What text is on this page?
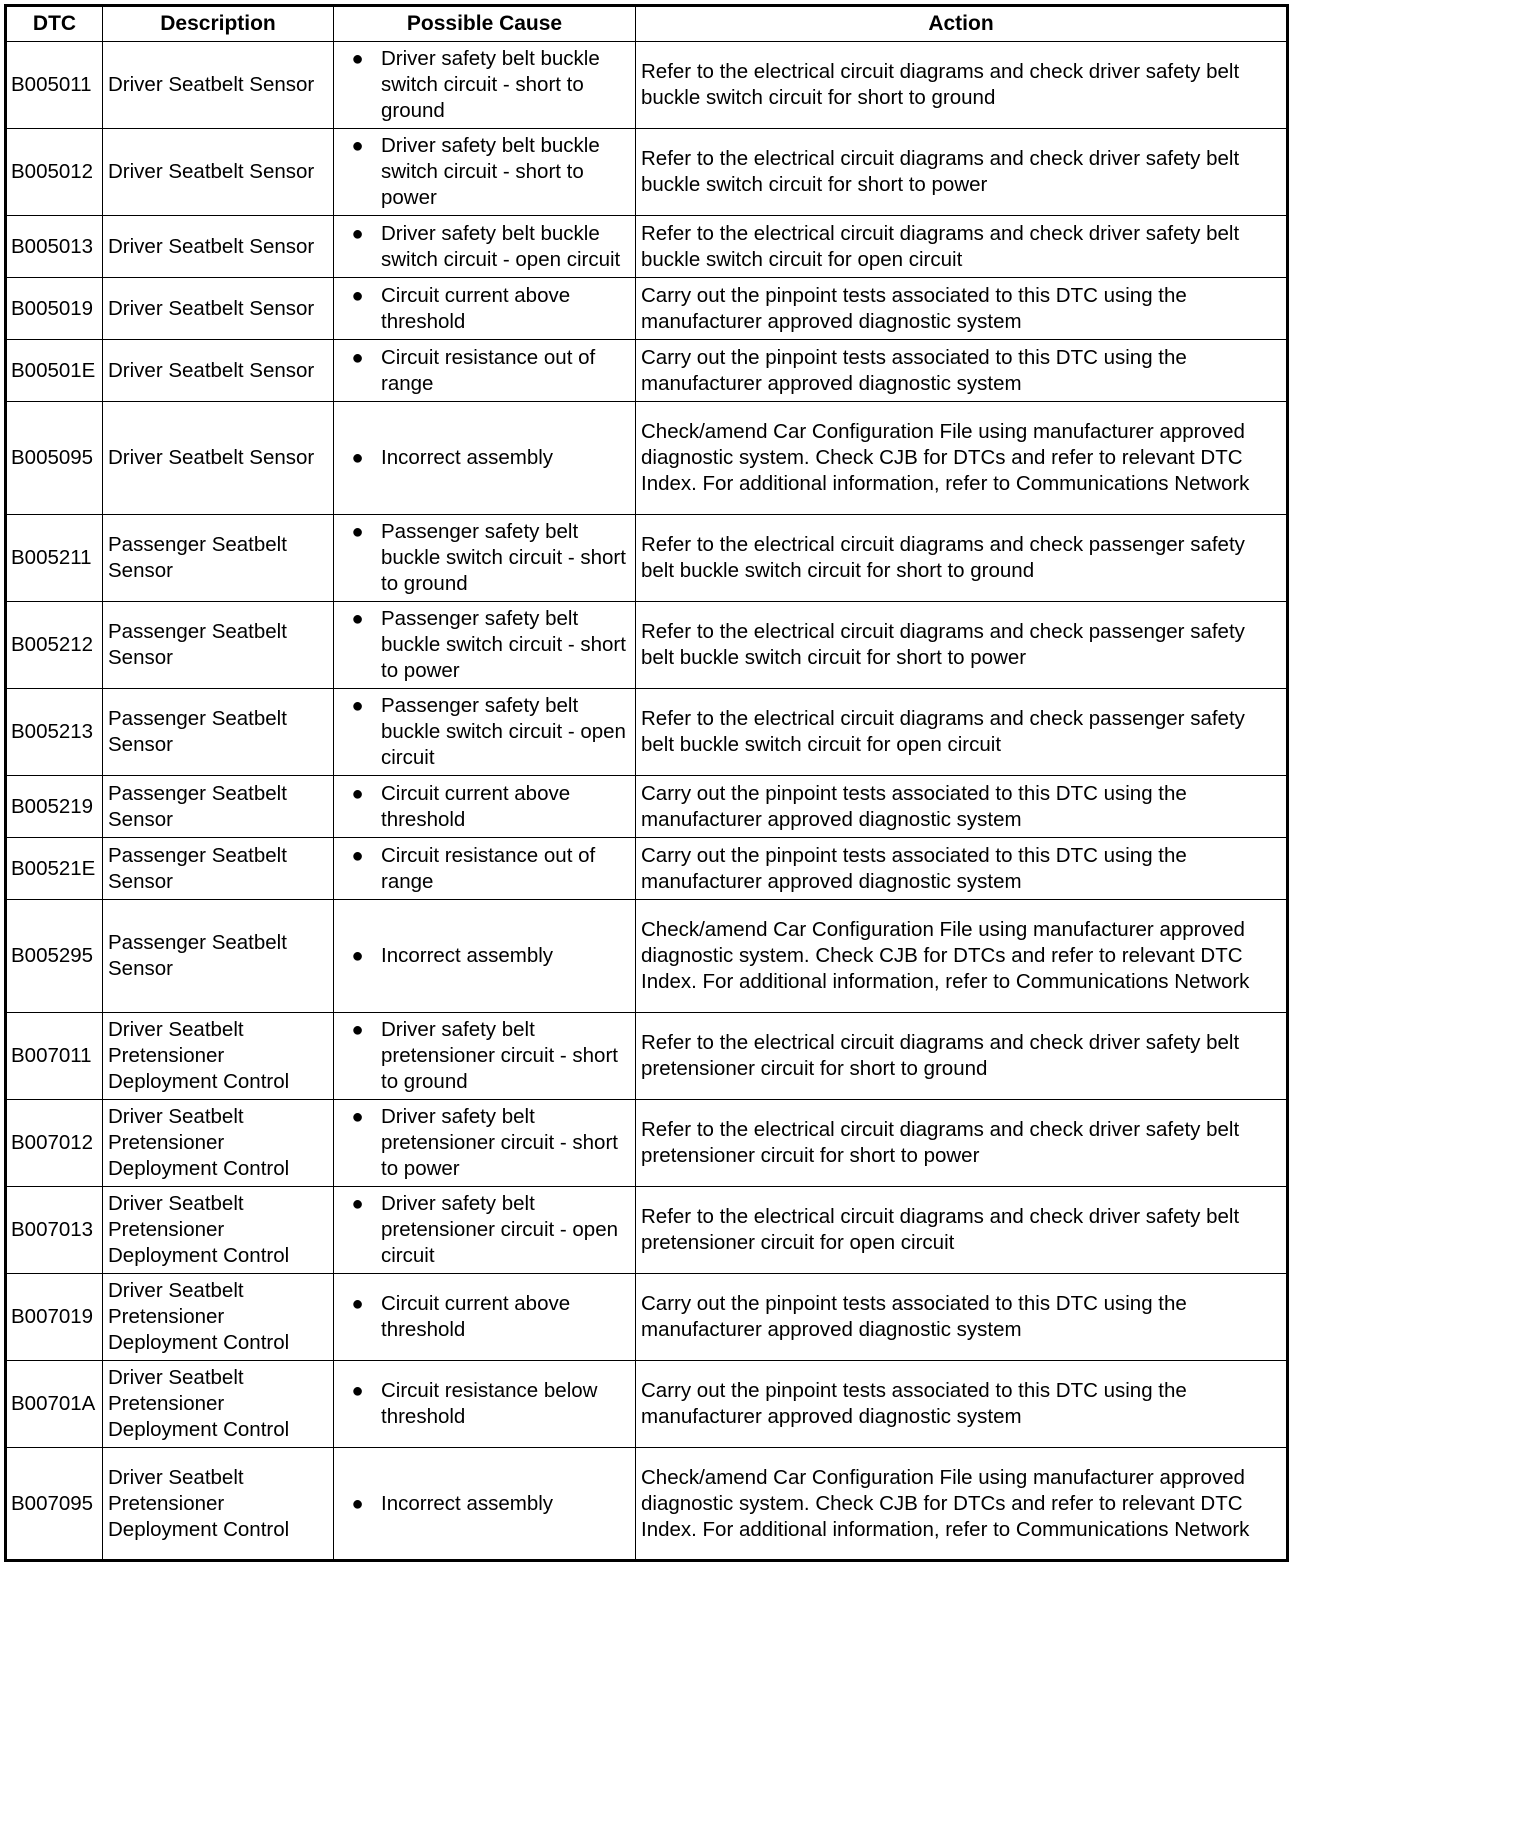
DTC	Description	Possible Cause	Action
B005011	Driver Seatbelt Sensor	● Driver safety belt buckle switch circuit - short to ground	Refer to the electrical circuit diagrams and check driver safety belt buckle switch circuit for short to ground
B005012	Driver Seatbelt Sensor	● Driver safety belt buckle switch circuit - short to power	Refer to the electrical circuit diagrams and check driver safety belt buckle switch circuit for short to power
B005013	Driver Seatbelt Sensor	● Driver safety belt buckle switch circuit - open circuit	Refer to the electrical circuit diagrams and check driver safety belt buckle switch circuit for open circuit
B005019	Driver Seatbelt Sensor	● Circuit current above threshold	Carry out the pinpoint tests associated to this DTC using the manufacturer approved diagnostic system
B00501E	Driver Seatbelt Sensor	● Circuit resistance out of range	Carry out the pinpoint tests associated to this DTC using the manufacturer approved diagnostic system
B005095	Driver Seatbelt Sensor	● Incorrect assembly	Check/amend Car Configuration File using manufacturer approved diagnostic system. Check CJB for DTCs and refer to relevant DTC Index. For additional information, refer to Communications Network
B005211	Passenger Seatbelt Sensor	● Passenger safety belt buckle switch circuit - short to ground	Refer to the electrical circuit diagrams and check passenger safety belt buckle switch circuit for short to ground
B005212	Passenger Seatbelt Sensor	● Passenger safety belt buckle switch circuit - short to power	Refer to the electrical circuit diagrams and check passenger safety belt buckle switch circuit for short to power
B005213	Passenger Seatbelt Sensor	● Passenger safety belt buckle switch circuit - open circuit	Refer to the electrical circuit diagrams and check passenger safety belt buckle switch circuit for open circuit
B005219	Passenger Seatbelt Sensor	● Circuit current above threshold	Carry out the pinpoint tests associated to this DTC using the manufacturer approved diagnostic system
B00521E	Passenger Seatbelt Sensor	● Circuit resistance out of range	Carry out the pinpoint tests associated to this DTC using the manufacturer approved diagnostic system
B005295	Passenger Seatbelt Sensor	● Incorrect assembly	Check/amend Car Configuration File using manufacturer approved diagnostic system. Check CJB for DTCs and refer to relevant DTC Index. For additional information, refer to Communications Network
B007011	Driver Seatbelt Pretensioner Deployment Control	● Driver safety belt pretensioner circuit - short to ground	Refer to the electrical circuit diagrams and check driver safety belt pretensioner circuit for short to ground
B007012	Driver Seatbelt Pretensioner Deployment Control	● Driver safety belt pretensioner circuit - short to power	Refer to the electrical circuit diagrams and check driver safety belt pretensioner circuit for short to power
B007013	Driver Seatbelt Pretensioner Deployment Control	● Driver safety belt pretensioner circuit - open circuit	Refer to the electrical circuit diagrams and check driver safety belt pretensioner circuit for open circuit
B007019	Driver Seatbelt Pretensioner Deployment Control	● Circuit current above threshold	Carry out the pinpoint tests associated to this DTC using the manufacturer approved diagnostic system
B00701A	Driver Seatbelt Pretensioner Deployment Control	● Circuit resistance below threshold	Carry out the pinpoint tests associated to this DTC using the manufacturer approved diagnostic system
B007095	Driver Seatbelt Pretensioner Deployment Control	● Incorrect assembly	Check/amend Car Configuration File using manufacturer approved diagnostic system. Check CJB for DTCs and refer to relevant DTC Index. For additional information, refer to Communications Network
